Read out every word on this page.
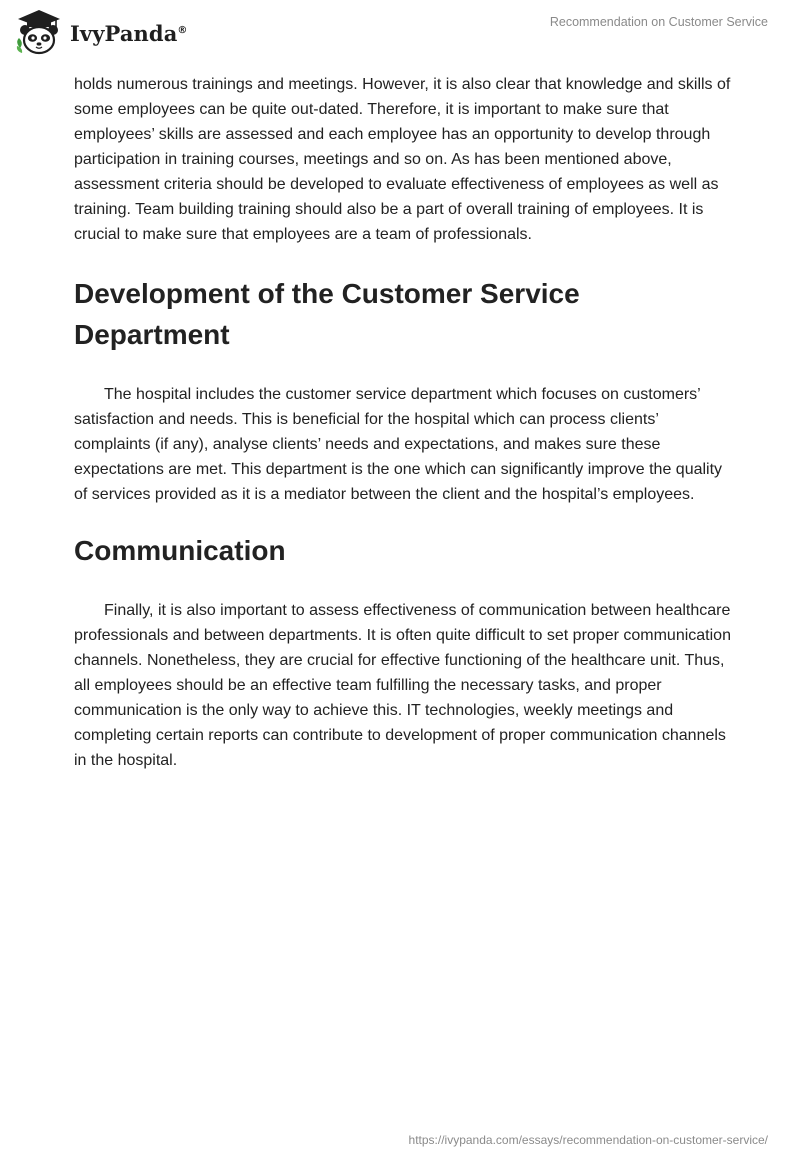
IvyPanda®
Recommendation on Customer Service

holds numerous trainings and meetings. However, it is also clear that knowledge and skills of some employees can be quite out-dated. Therefore, it is important to make sure that employees’ skills are assessed and each employee has an opportunity to develop through participation in training courses, meetings and so on. As has been mentioned above, assessment criteria should be developed to evaluate effectiveness of employees as well as training. Team building training should also be a part of overall training of employees. It is crucial to make sure that employees are a team of professionals.

Development of the Customer Service Department

The hospital includes the customer service department which focuses on customers’ satisfaction and needs. This is beneficial for the hospital which can process clients’ complaints (if any), analyse clients’ needs and expectations, and makes sure these expectations are met. This department is the one which can significantly improve the quality of services provided as it is a mediator between the client and the hospital’s employees.

Communication

Finally, it is also important to assess effectiveness of communication between healthcare professionals and between departments. It is often quite difficult to set proper communication channels. Nonetheless, they are crucial for effective functioning of the healthcare unit. Thus, all employees should be an effective team fulfilling the necessary tasks, and proper communication is the only way to achieve this. IT technologies, weekly meetings and completing certain reports can contribute to development of proper communication channels in the hospital.

https://ivypanda.com/essays/recommendation-on-customer-service/
